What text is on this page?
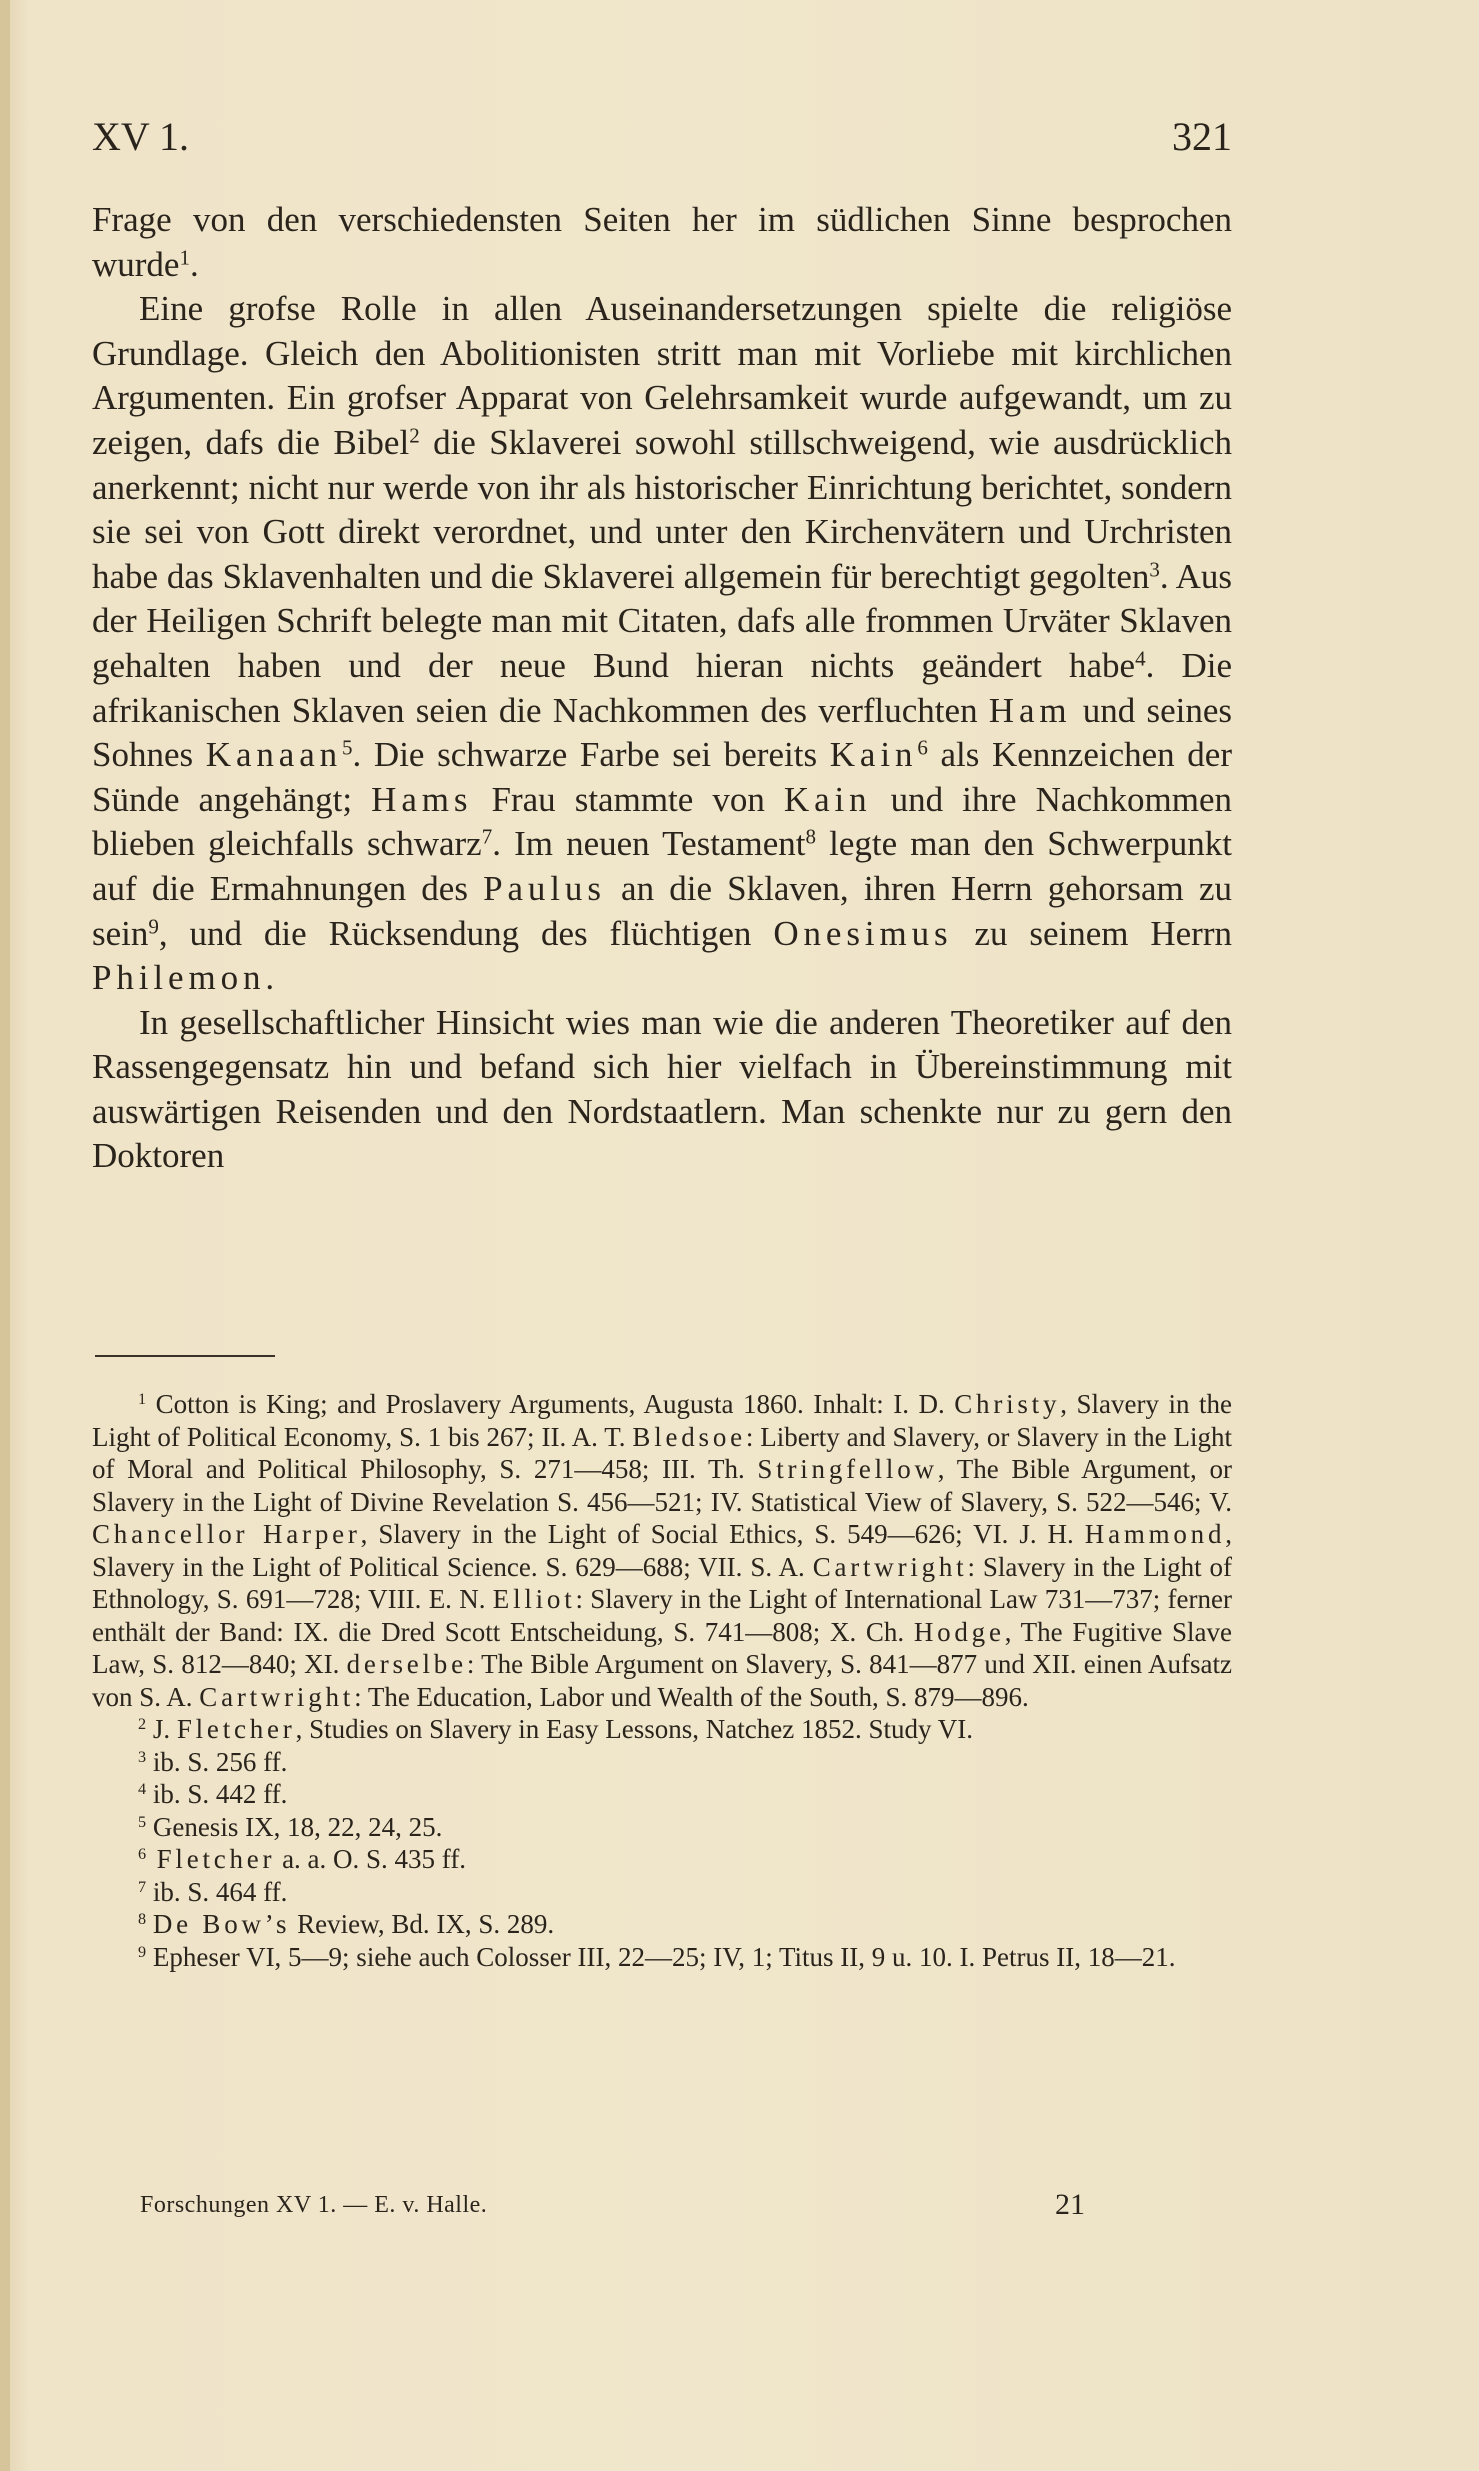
XV 1.	321

Frage von den verschiedensten Seiten her im südlichen Sinne besprochen wurde$^1$.

Eine grofse Rolle in allen Auseinandersetzungen spielte die religiöse Grundlage. Gleich den Abolitionisten stritt man mit Vorliebe mit kirchlichen Argumenten. Ein grofser Apparat von Gelehrsamkeit wurde aufgewandt, um zu zeigen, dafs die Bibel$^2$ die Sklaverei sowohl stillschweigend, wie ausdrücklich anerkennt; nicht nur werde von ihr als historischer Einrichtung berichtet, sondern sie sei von Gott direkt verordnet, und unter den Kirchenvätern und Urchristen habe das Sklavenhalten und die Sklaverei allgemein für berechtigt gegolten$^3$. Aus der Heiligen Schrift belegte man mit Citaten, dafs alle frommen Urväter Sklaven gehalten haben und der neue Bund hieran nichts geändert habe$^4$. Die afrikanischen Sklaven seien die Nachkommen des verfluchten Ham und seines Sohnes Kanaan$^5$. Die schwarze Farbe sei bereits Kain$^6$ als Kennzeichen der Sünde angehängt; Hams Frau stammte von Kain und ihre Nachkommen blieben gleichfalls schwarz$^7$. Im neuen Testament$^8$ legte man den Schwerpunkt auf die Ermahnungen des Paulus an die Sklaven, ihren Herrn gehorsam zu sein$^9$, und die Rücksendung des flüchtigen Onesimus zu seinem Herrn Philemon.

In gesellschaftlicher Hinsicht wies man wie die anderen Theoretiker auf den Rassengegensatz hin und befand sich hier vielfach in Übereinstimmung mit auswärtigen Reisenden und den Nordstaatlern. Man schenkte nur zu gern den Doktoren

$^1$ Cotton is King; and Proslavery Arguments, Augusta 1860. Inhalt: I. D. Christy, Slavery in the Light of Political Economy, S. 1 bis 267; II. A. T. Bledsoe: Liberty and Slavery, or Slavery in the Light of Moral and Political Philosophy, S. 271—458; III. Th. Stringfellow, The Bible Argument, or Slavery in the Light of Divine Revelation S. 456—521; IV. Statistical View of Slavery, S. 522—546; V. Chancellor Harper, Slavery in the Light of Social Ethics, S. 549—626; VI. J. H. Hammond, Slavery in the Light of Political Science. S. 629—688; VII. S. A. Cartwright: Slavery in the Light of Ethnology, S. 691—728; VIII. E. N. Elliot: Slavery in the Light of International Law 731—737; ferner enthält der Band: IX. die Dred Scott Entscheidung, S. 741—808; X. Ch. Hodge, The Fugitive Slave Law, S. 812—840; XI. derselbe: The Bible Argument on Slavery, S. 841—877 und XII. einen Aufsatz von S. A. Cartwright: The Education, Labor und Wealth of the South, S. 879—896.

$^2$ J. Fletcher, Studies on Slavery in Easy Lessons, Natchez 1852. Study VI.

$^3$ ib. S. 256 ff.

$^4$ ib. S. 442 ff.

$^5$ Genesis IX, 18, 22, 24, 25.

$^6$ Fletcher a. a. O. S. 435 ff.

$^7$ ib. S. 464 ff.

$^8$ De Bow’s Review, Bd. IX, S. 289.

$^9$ Epheser VI, 5—9; siehe auch Colosser III, 22—25; IV, 1; Titus II, 9 u. 10. I. Petrus II, 18—21.

Forschungen XV 1. — E. v. Halle.	21
